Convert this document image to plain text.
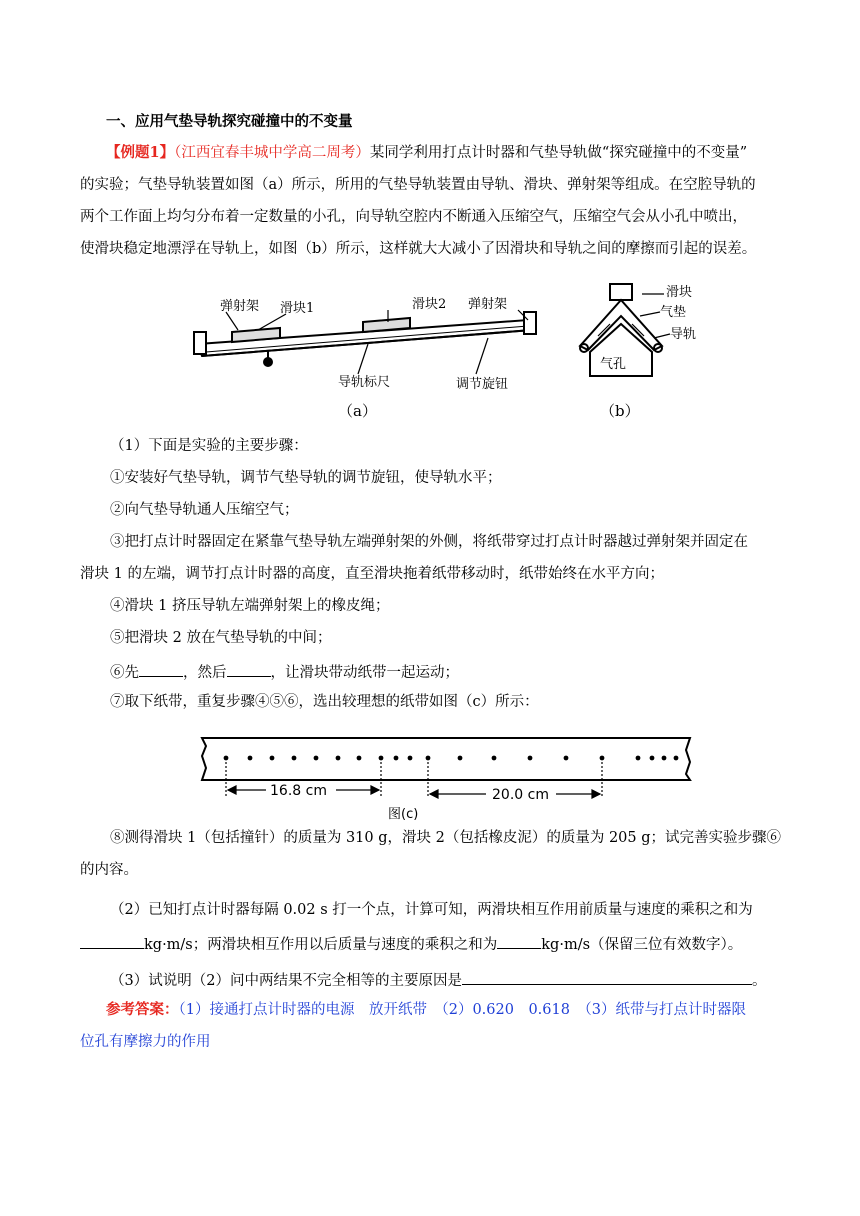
一、应用气垫导轨探究碰撞中的不变量
【例题1】（江西宜春丰城中学高二周考）某同学利用打点计时器和气垫导轨做“探究碰撞中的不变量”
的实验；气垫导轨装置如图（a）所示，所用的气垫导轨装置由导轨、滑块、弹射架等组成。在空腔导轨的
两个工作面上均匀分布着一定数量的小孔，向导轨空腔内不断通入压缩空气，压缩空气会从小孔中喷出，
使滑块稳定地漂浮在导轨上，如图（b）所示，这样就大大减小了因滑块和导轨之间的摩擦而引起的误差。
弹射架 滑块1	滑块2 弹射架
导轨标尺	调节旋钮
（a）
滑块
气垫
导轨
气孔
（b）
（1）下面是实验的主要步骤：
①安装好气垫导轨，调节气垫导轨的调节旋钮，使导轨水平；
②向气垫导轨通人压缩空气；
③把打点计时器固定在紧靠气垫导轨左端弹射架的外侧，将纸带穿过打点计时器越过弹射架并固定在
滑块 1 的左端，调节打点计时器的高度，直至滑块拖着纸带移动时，纸带始终在水平方向；
④滑块 1 挤压导轨左端弹射架上的橡皮绳；
⑤把滑块 2 放在气垫导轨的中间；
⑥先	，然后	，让滑块带动纸带一起运动；
⑦取下纸带，重复步骤④⑤⑥，选出较理想的纸带如图（c）所示：
16.8 cm	20.0 cm
图(c)
⑧测得滑块 1（包括撞针）的质量为 310 g，滑块 2（包括橡皮泥）的质量为 205 g；试完善实验步骤⑥
的内容。
（2）已知打点计时器每隔 0.02 s 打一个点，计算可知，两滑块相互作用前质量与速度的乘积之和为
kg·m/s；两滑块相互作用以后质量与速度的乘积之和为	kg·m/s（保留三位有效数字）。
（3）试说明（2）问中两结果不完全相等的主要原因是	。
参考答案：（1）接通打点计时器的电源　放开纸带　（2）0.620　0.618　（3）纸带与打点计时器限
位孔有摩擦力的作用
